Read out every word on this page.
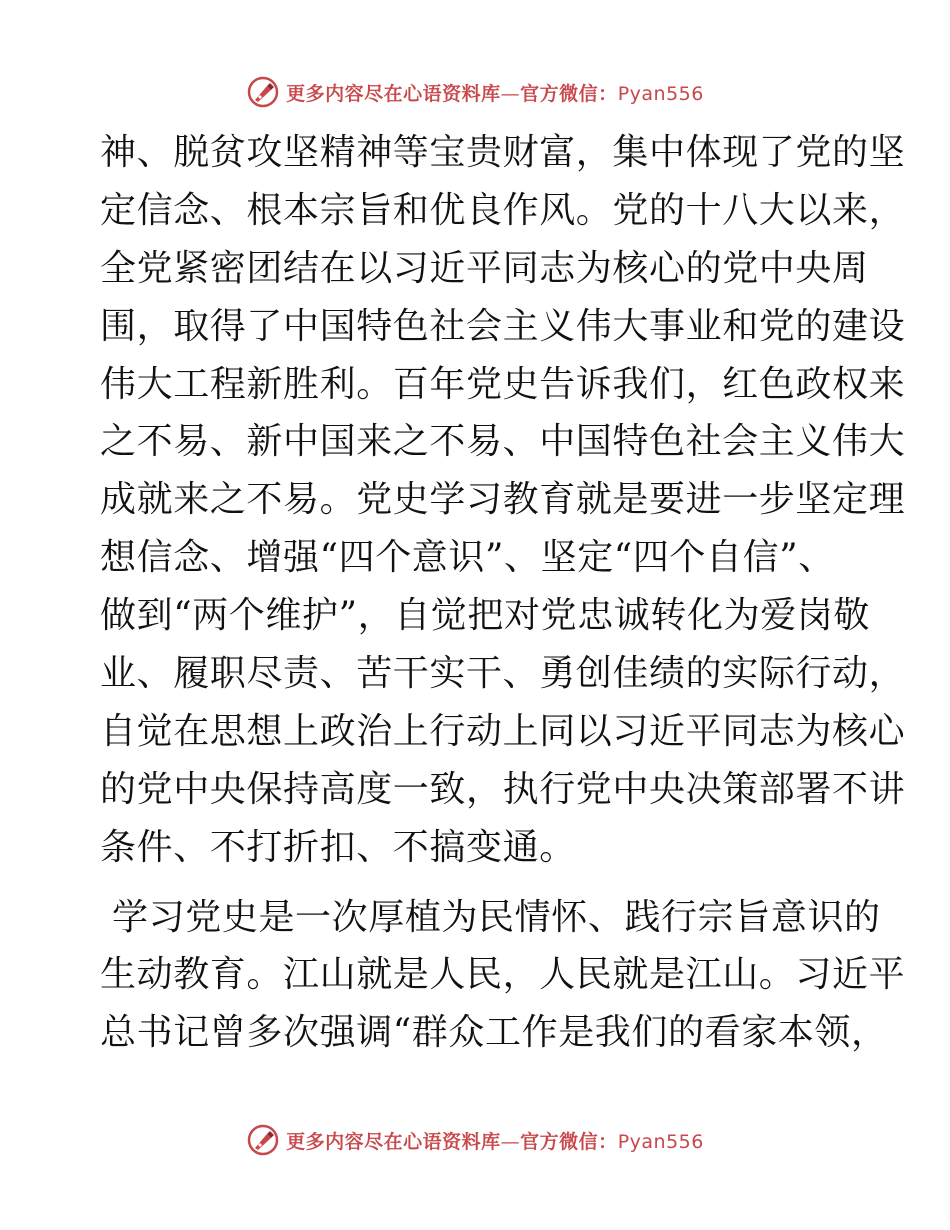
更多内容尽在心语资料库—官方微信：Pyan556
神、脱贫攻坚精神等宝贵财富，集中体现了党的坚
定信念、根本宗旨和优良作风。党的十八大以来，
全党紧密团结在以习近平同志为核心的党中央周
围，取得了中国特色社会主义伟大事业和党的建设
伟大工程新胜利。百年党史告诉我们，红色政权来
之不易、新中国来之不易、中国特色社会主义伟大
成就来之不易。党史学习教育就是要进一步坚定理
想信念、增强“四个意识”、坚定“四个自信”、
做到“两个维护”，自觉把对党忠诚转化为爱岗敬
业、履职尽责、苦干实干、勇创佳绩的实际行动，
自觉在思想上政治上行动上同以习近平同志为核心
的党中央保持高度一致，执行党中央决策部署不讲
条件、不打折扣、不搞变通。
学习党史是一次厚植为民情怀、践行宗旨意识的
生动教育。江山就是人民，人民就是江山。习近平
总书记曾多次强调“群众工作是我们的看家本领，
更多内容尽在心语资料库—官方微信：Pyan556
